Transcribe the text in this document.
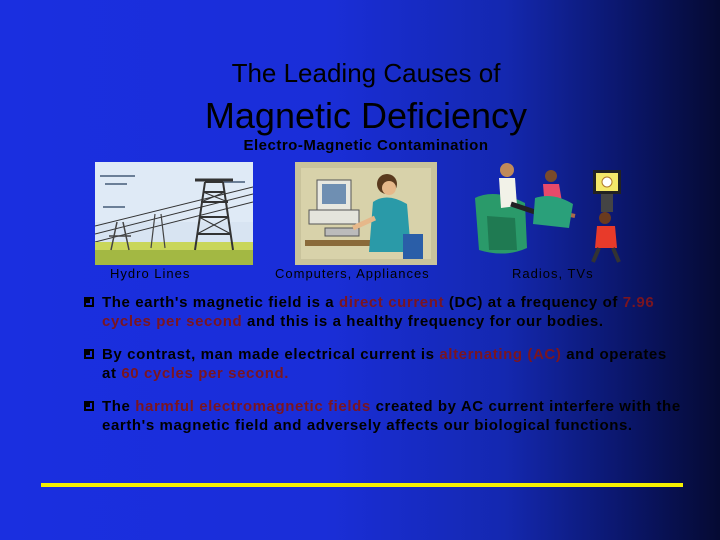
The Leading Causes of
Magnetic Deficiency
Electro-Magnetic Contamination
Hydro Lines	Computers, Appliances	Radios, TVs
The earth's magnetic field is a direct current (DC) at a frequency of 7.96 cycles per second and this is a healthy frequency for our bodies.
By contrast, man made electrical current is alternating (AC) and operates at 60 cycles per second.
The harmful electromagnetic fields created by AC current interfere with the earth's magnetic field and adversely affects our biological functions.
